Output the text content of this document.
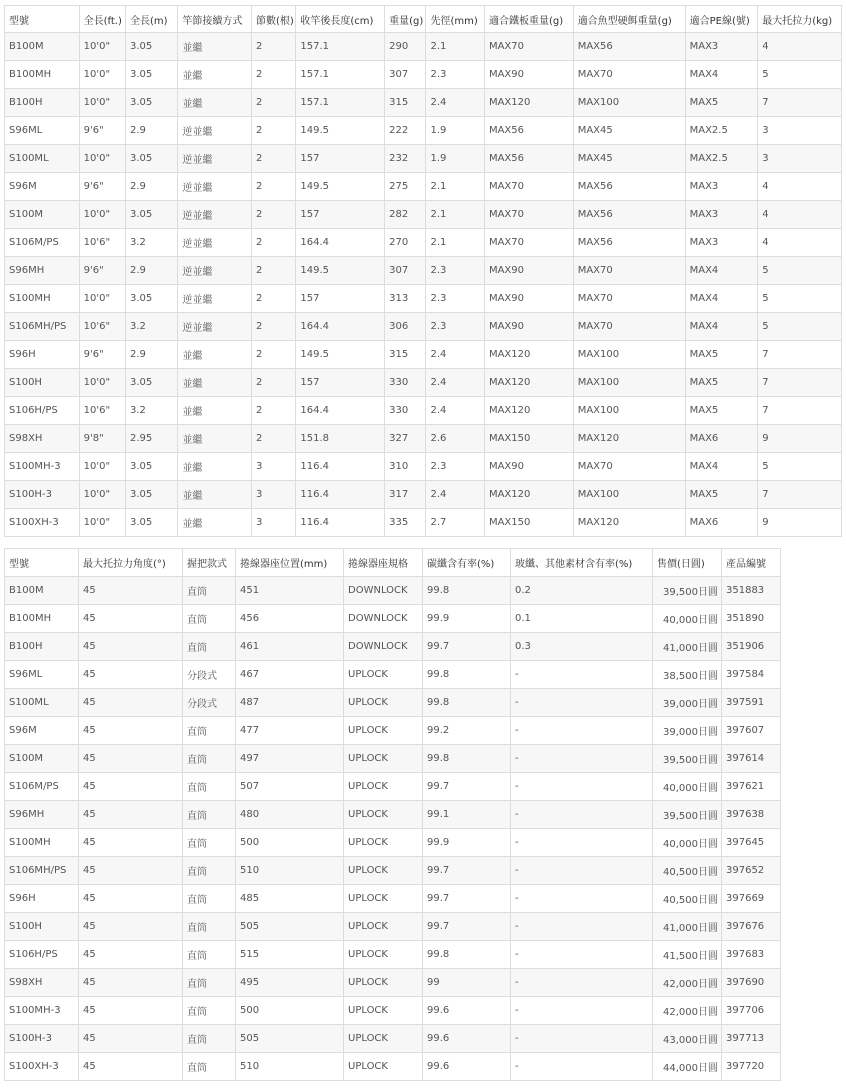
型號	全長(ft.)	全長(m)	竿節接續方式	節數(根)	收竿後長度(cm)	重量(g)	先徑(mm)	適合鐵板重量(g)	適合魚型硬餌重量(g)	適合PE線(號)	最大托拉力(kg)
B100M	10'0"	3.05	並繼	2	157.1	290	2.1	MAX70	MAX56	MAX3	4
B100MH	10'0"	3.05	並繼	2	157.1	307	2.3	MAX90	MAX70	MAX4	5
B100H	10'0"	3.05	並繼	2	157.1	315	2.4	MAX120	MAX100	MAX5	7
S96ML	9'6"	2.9	逆並繼	2	149.5	222	1.9	MAX56	MAX45	MAX2.5	3
S100ML	10'0"	3.05	逆並繼	2	157	232	1.9	MAX56	MAX45	MAX2.5	3
S96M	9'6"	2.9	逆並繼	2	149.5	275	2.1	MAX70	MAX56	MAX3	4
S100M	10'0"	3.05	逆並繼	2	157	282	2.1	MAX70	MAX56	MAX3	4
S106M/PS	10'6"	3.2	逆並繼	2	164.4	270	2.1	MAX70	MAX56	MAX3	4
S96MH	9'6"	2.9	逆並繼	2	149.5	307	2.3	MAX90	MAX70	MAX4	5
S100MH	10'0"	3.05	逆並繼	2	157	313	2.3	MAX90	MAX70	MAX4	5
S106MH/PS	10'6"	3.2	逆並繼	2	164.4	306	2.3	MAX90	MAX70	MAX4	5
S96H	9'6"	2.9	並繼	2	149.5	315	2.4	MAX120	MAX100	MAX5	7
S100H	10'0"	3.05	並繼	2	157	330	2.4	MAX120	MAX100	MAX5	7
S106H/PS	10'6"	3.2	並繼	2	164.4	330	2.4	MAX120	MAX100	MAX5	7
S98XH	9'8"	2.95	並繼	2	151.8	327	2.6	MAX150	MAX120	MAX6	9
S100MH-3	10'0"	3.05	並繼	3	116.4	310	2.3	MAX90	MAX70	MAX4	5
S100H-3	10'0"	3.05	並繼	3	116.4	317	2.4	MAX120	MAX100	MAX5	7
S100XH-3	10'0"	3.05	並繼	3	116.4	335	2.7	MAX150	MAX120	MAX6	9
型號	最大托拉力角度(°)	握把款式	捲線器座位置(mm)	捲線器座規格	碳纖含有率(%)	玻纖、其他素材含有率(%)	售價(日圓)	產品編號
B100M	45	直筒	451	DOWNLOCK	99.8	0.2	39,500日圓	351883
B100MH	45	直筒	456	DOWNLOCK	99.9	0.1	40,000日圓	351890
B100H	45	直筒	461	DOWNLOCK	99.7	0.3	41,000日圓	351906
S96ML	45	分段式	467	UPLOCK	99.8	-	38,500日圓	397584
S100ML	45	分段式	487	UPLOCK	99.8	-	39,000日圓	397591
S96M	45	直筒	477	UPLOCK	99.2	-	39,000日圓	397607
S100M	45	直筒	497	UPLOCK	99.8	-	39,500日圓	397614
S106M/PS	45	直筒	507	UPLOCK	99.7	-	40,000日圓	397621
S96MH	45	直筒	480	UPLOCK	99.1	-	39,500日圓	397638
S100MH	45	直筒	500	UPLOCK	99.9	-	40,000日圓	397645
S106MH/PS	45	直筒	510	UPLOCK	99.7	-	40,500日圓	397652
S96H	45	直筒	485	UPLOCK	99.7	-	40,500日圓	397669
S100H	45	直筒	505	UPLOCK	99.7	-	41,000日圓	397676
S106H/PS	45	直筒	515	UPLOCK	99.8	-	41,500日圓	397683
S98XH	45	直筒	495	UPLOCK	99	-	42,000日圓	397690
S100MH-3	45	直筒	500	UPLOCK	99.6	-	42,000日圓	397706
S100H-3	45	直筒	505	UPLOCK	99.6	-	43,000日圓	397713
S100XH-3	45	直筒	510	UPLOCK	99.6	-	44,000日圓	397720
